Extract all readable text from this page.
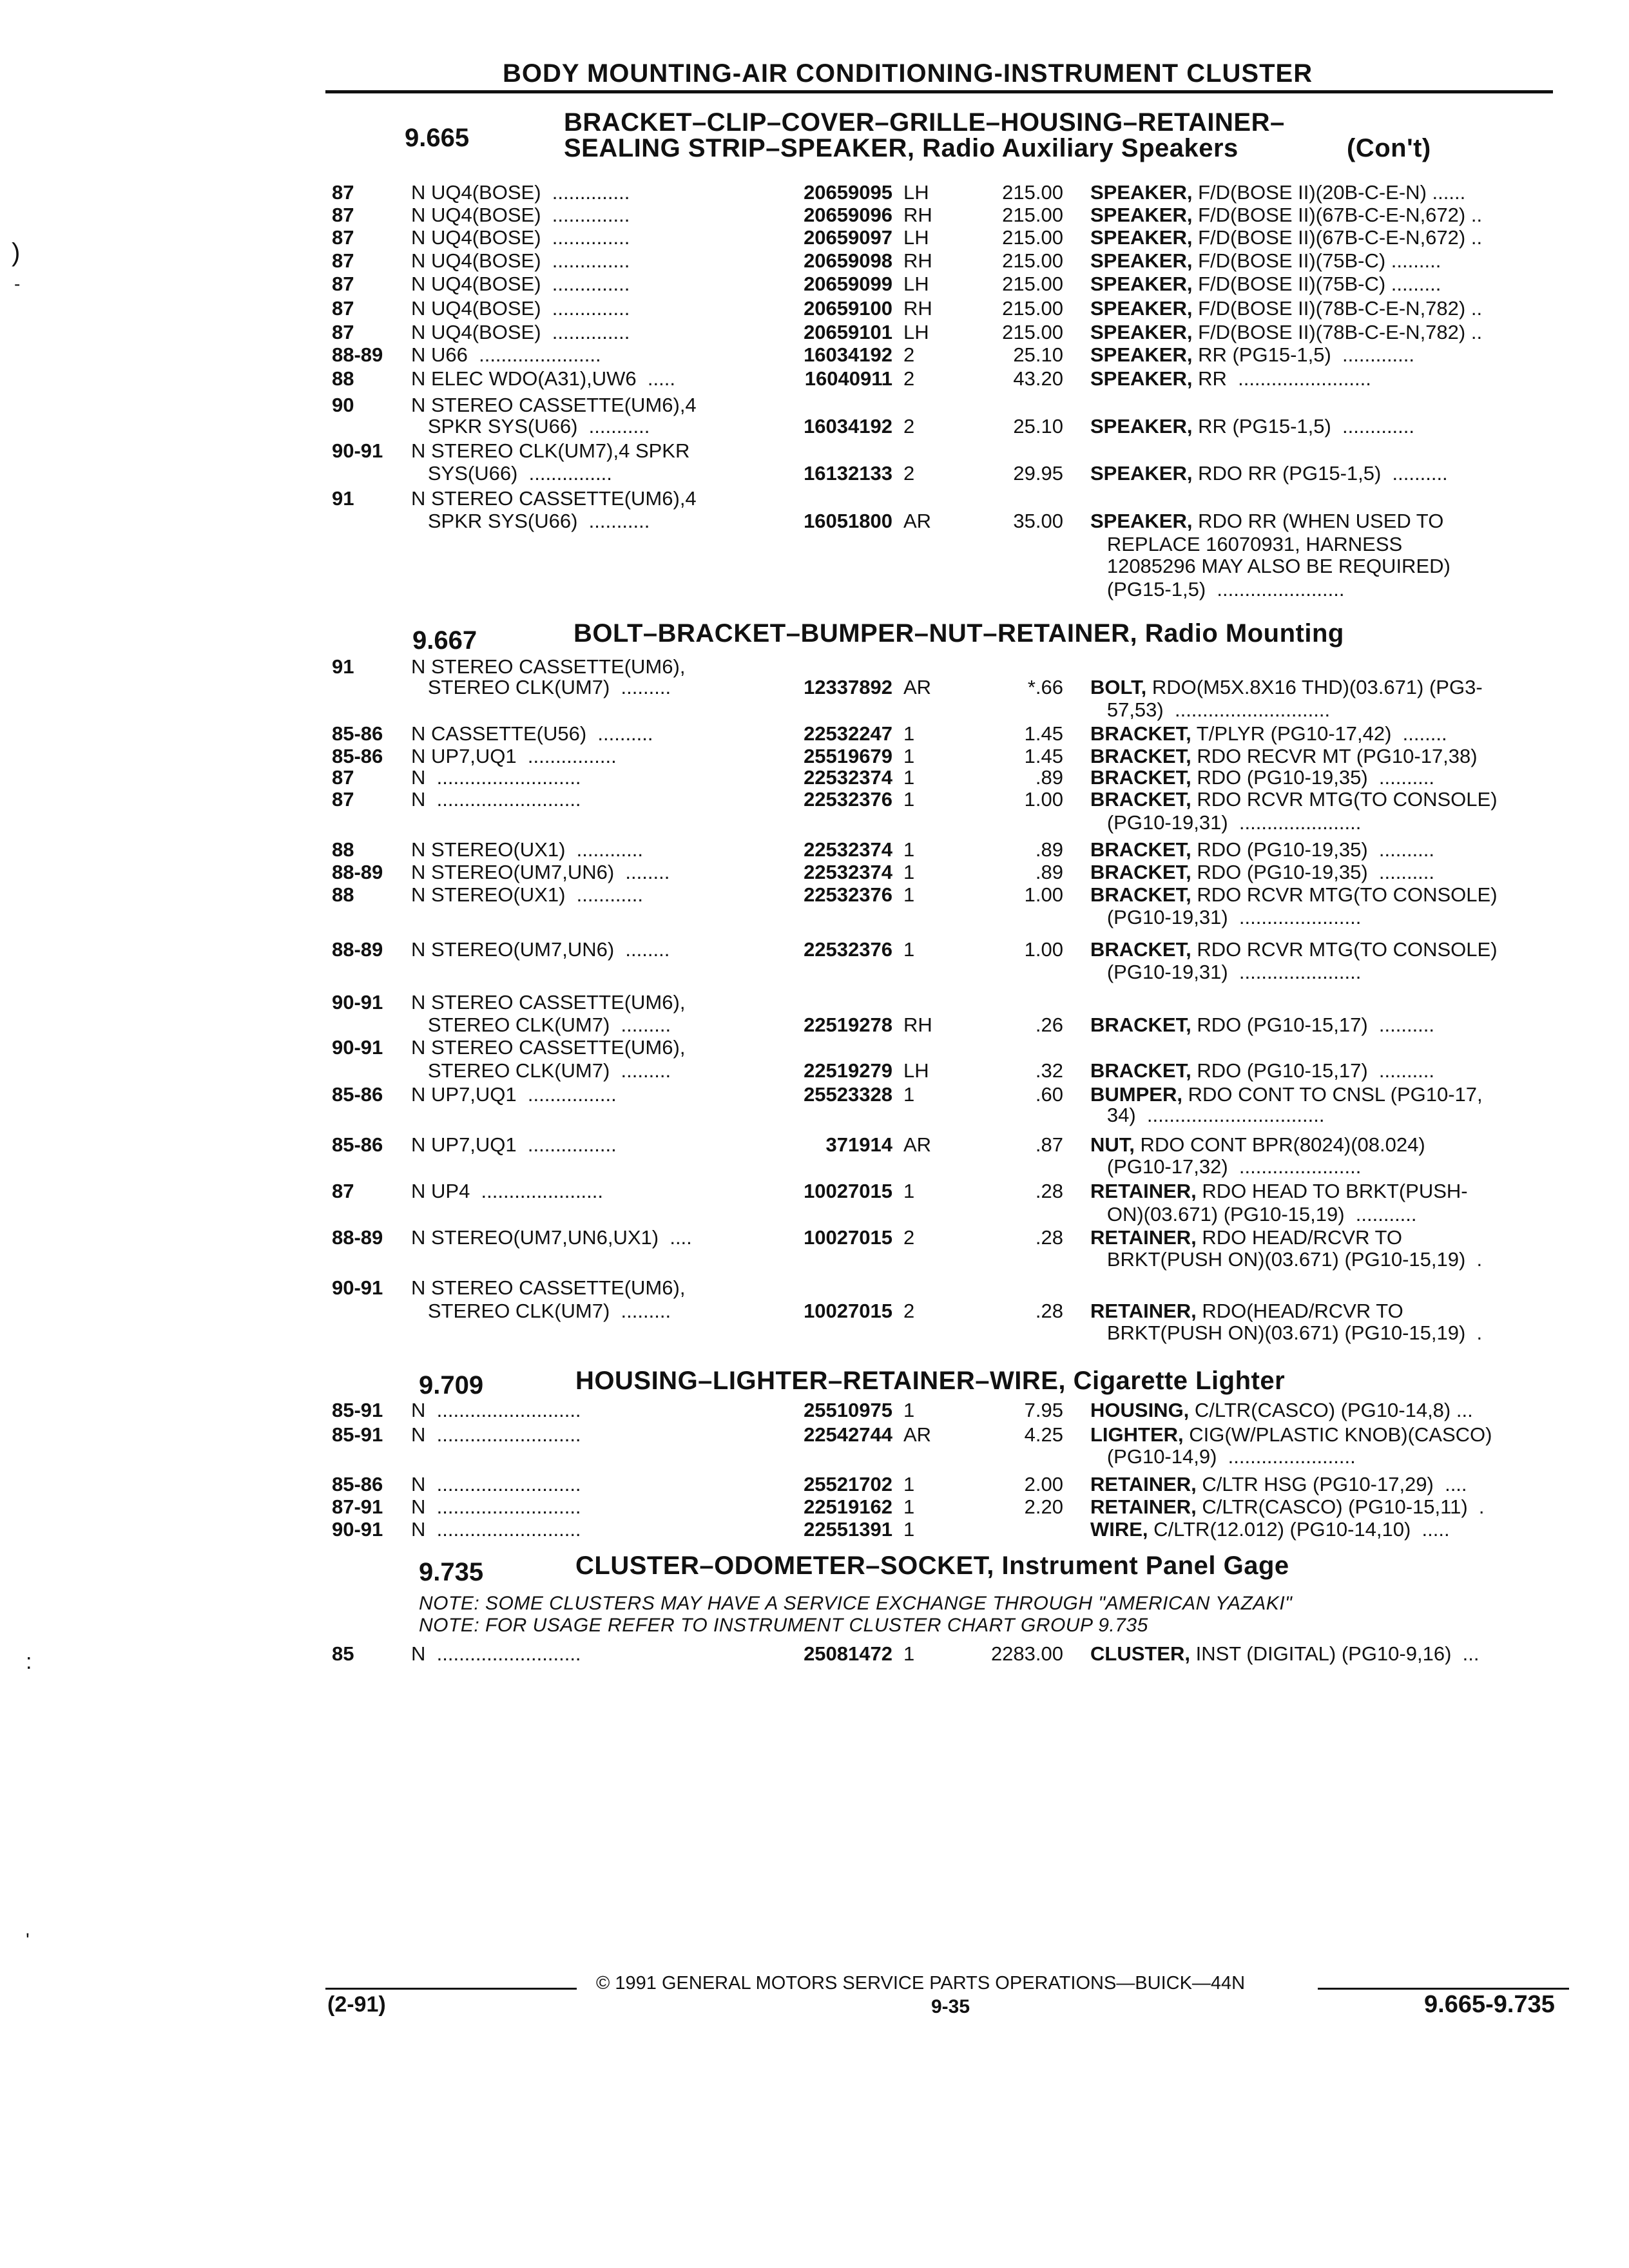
BODY MOUNTING-AIR CONDITIONING-INSTRUMENT CLUSTER
9.665
BRACKET–CLIP–COVER–GRILLE–HOUSING–RETAINER–
SEALING STRIP–SPEAKER, Radio Auxiliary Speakers	(Con't)
9.667	BOLT–BRACKET–BUMPER–NUT–RETAINER, Radio Mounting
9.709	HOUSING–LIGHTER–RETAINER–WIRE, Cigarette Lighter
9.735	CLUSTER–ODOMETER–SOCKET, Instrument Panel Gage
NOTE: SOME CLUSTERS MAY HAVE A SERVICE EXCHANGE THROUGH "AMERICAN YAZAKI"
NOTE: FOR USAGE REFER TO INSTRUMENT CLUSTER CHART GROUP 9.735
87	N UQ4(BOSE)  ..............	20659095 LH	215.00 SPEAKER, F/D(BOSE II)(20B-C-E-N) ......
87	N UQ4(BOSE)  ..............	20659096 RH	215.00 SPEAKER, F/D(BOSE II)(67B-C-E-N,672) ..
87	N UQ4(BOSE)  ..............	20659097 LH	215.00 SPEAKER, F/D(BOSE II)(67B-C-E-N,672) ..
87	N UQ4(BOSE)  ..............	20659098 RH	215.00 SPEAKER, F/D(BOSE II)(75B-C) .........
87	N UQ4(BOSE)  ..............	20659099 LH	215.00 SPEAKER, F/D(BOSE II)(75B-C) .........
87	N UQ4(BOSE)  ..............	20659100 RH	215.00 SPEAKER, F/D(BOSE II)(78B-C-E-N,782) ..
87	N UQ4(BOSE)  ..............	20659101 LH	215.00 SPEAKER, F/D(BOSE II)(78B-C-E-N,782) ..
88-89 N U66  ......................	16034192 2	25.10 SPEAKER, RR (PG15-1,5)  .............
88	N ELEC WDO(A31),UW6  .....	16040911 2	43.20 SPEAKER, RR  ........................
90	N STEREO CASSETTE(UM6),4
SPKR SYS(U66)  ...........	16034192 2	25.10 SPEAKER, RR (PG15-1,5)  .............
90-91 N STEREO CLK(UM7),4 SPKR
SYS(U66)  ...............	16132133 2	29.95 SPEAKER, RDO RR (PG15-1,5)  ..........
91	N STEREO CASSETTE(UM6),4
SPKR SYS(U66)  ...........	16051800 AR	35.00 SPEAKER, RDO RR (WHEN USED TO
REPLACE 16070931, HARNESS
12085296 MAY ALSO BE REQUIRED)
(PG15-1,5)  .......................
91	N STEREO CASSETTE(UM6),
STEREO CLK(UM7)  .........	12337892 AR	*.66 BOLT, RDO(M5X.8X16 THD)(03.671) (PG3-
57,53)  ............................
85-86 N CASSETTE(U56)  ..........	22532247 1	1.45 BRACKET, T/PLYR (PG10-17,42)  ........
85-86 N UP7,UQ1  ................	25519679 1	1.45 BRACKET, RDO RECVR MT (PG10-17,38)
87	N  ..........................	22532374 1	.89 BRACKET, RDO (PG10-19,35)  ..........
87	N  ..........................	22532376 1	1.00 BRACKET, RDO RCVR MTG(TO CONSOLE)
(PG10-19,31)  ......................
88	N STEREO(UX1)  ............	22532374 1	.89 BRACKET, RDO (PG10-19,35)  ..........
88-89 N STEREO(UM7,UN6)  ........	22532374 1	.89 BRACKET, RDO (PG10-19,35)  ..........
88	N STEREO(UX1)  ............	22532376 1	1.00 BRACKET, RDO RCVR MTG(TO CONSOLE)
(PG10-19,31)  ......................
88-89 N STEREO(UM7,UN6)  ........	22532376 1	1.00 BRACKET, RDO RCVR MTG(TO CONSOLE)
(PG10-19,31)  ......................
90-91 N STEREO CASSETTE(UM6),
STEREO CLK(UM7)  .........	22519278 RH	.26 BRACKET, RDO (PG10-15,17)  ..........
90-91 N STEREO CASSETTE(UM6),
STEREO CLK(UM7)  .........	22519279 LH	.32 BRACKET, RDO (PG10-15,17)  ..........
85-86 N UP7,UQ1  ................	25523328 1	.60 BUMPER, RDO CONT TO CNSL (PG10-17,
34)  ................................
85-86 N UP7,UQ1  ................	371914 AR	.87 NUT, RDO CONT BPR(8024)(08.024)
(PG10-17,32)  ......................
87	N UP4  ......................	10027015 1	.28 RETAINER, RDO HEAD TO BRKT(PUSH-
ON)(03.671) (PG10-15,19)  ...........
88-89 N STEREO(UM7,UN6,UX1)  ....	10027015 2	.28 RETAINER, RDO HEAD/RCVR TO
BRKT(PUSH ON)(03.671) (PG10-15,19)  .
90-91 N STEREO CASSETTE(UM6),
STEREO CLK(UM7)  .........	10027015 2	.28 RETAINER, RDO(HEAD/RCVR TO
BRKT(PUSH ON)(03.671) (PG10-15,19)  .
85-91 N  ..........................	25510975 1	7.95 HOUSING, C/LTR(CASCO) (PG10-14,8) ...
85-91 N  ..........................	22542744 AR	4.25 LIGHTER, CIG(W/PLASTIC KNOB)(CASCO)
(PG10-14,9)  .......................
85-86 N  ..........................	25521702 1	2.00 RETAINER, C/LTR HSG (PG10-17,29)  ....
87-91 N  ..........................	22519162 1	2.20 RETAINER, C/LTR(CASCO) (PG10-15,11)  .
90-91 N  ..........................	22551391 1	WIRE, C/LTR(12.012) (PG10-14,10)  .....
85	N  ..........................	25081472 1	2283.00 CLUSTER, INST (DIGITAL) (PG10-9,16)  ...
© 1991 GENERAL MOTORS SERVICE PARTS OPERATIONS—BUICK—44N
(2-91)	9-35	9.665-9.735
)
-
:
'
